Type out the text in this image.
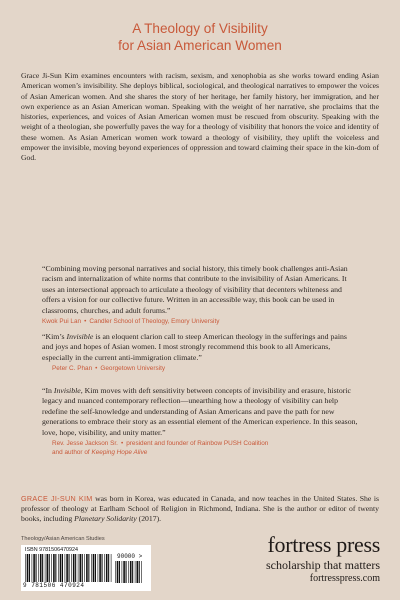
A Theology of Visibility
for Asian American Women
Grace Ji-Sun Kim examines encounters with racism, sexism, and xenophobia as she works toward ending Asian American women’s invisibility. She deploys biblical, sociological, and theological narratives to empower the voices of Asian American women. And she shares the story of her heritage, her family history, her immigration, and her own experience as an Asian American woman. Speaking with the weight of her narrative, she proclaims that the histories, experiences, and voices of Asian American women must be rescued from obscurity. Speaking with the weight of a theologian, she powerfully paves the way for a theology of visibility that honors the voice and identity of these women. As Asian American women work toward a theology of visibility, they uplift the voiceless and empower the invisible, moving beyond experiences of oppression and toward claiming their space in the kin-dom of God.
“Combining moving personal narratives and social history, this timely book challenges anti-Asian racism and internalization of white norms that contribute to the invisibility of Asian Americans. It uses an intersectional approach to articulate a theology of visibility that decenters whiteness and offers a vision for our collective future. Written in an accessible way, this book can be used in classrooms, churches, and adult forums.”
Kwok Pui Lan • Candler School of Theology, Emory University
“Kim’s Invisible is an eloquent clarion call to steep American theology in the sufferings and pains and joys and hopes of Asian women. I most strongly recommend this book to all Americans, especially in the current anti-immigration climate.”
Peter C. Phan • Georgetown University
“In Invisible, Kim moves with deft sensitivity between concepts of invisibility and erasure, historic legacy and nuanced contemporary reflection—unearthing how a theology of visibility can help redefine the self-knowledge and understanding of Asian Americans and pave the path for new generations to embrace their story as an essential element of the American experience. In this season, love, hope, visibility, and unity matter.”
Rev. Jesse Jackson Sr. • president and founder of Rainbow PUSH Coalition
and author of Keeping Hope Alive
GRACE JI-SUN KIM was born in Korea, was educated in Canada, and now teaches in the United States. She is professor of theology at Earlham School of Religion in Richmond, Indiana. She is the author or editor of twenty books, including Planetary Solidarity (2017).
Theology/Asian American Studies
ISBN 9781506470924
90000 >
9 781506 470924
fortress press
scholarship that matters
fortresspress.com
